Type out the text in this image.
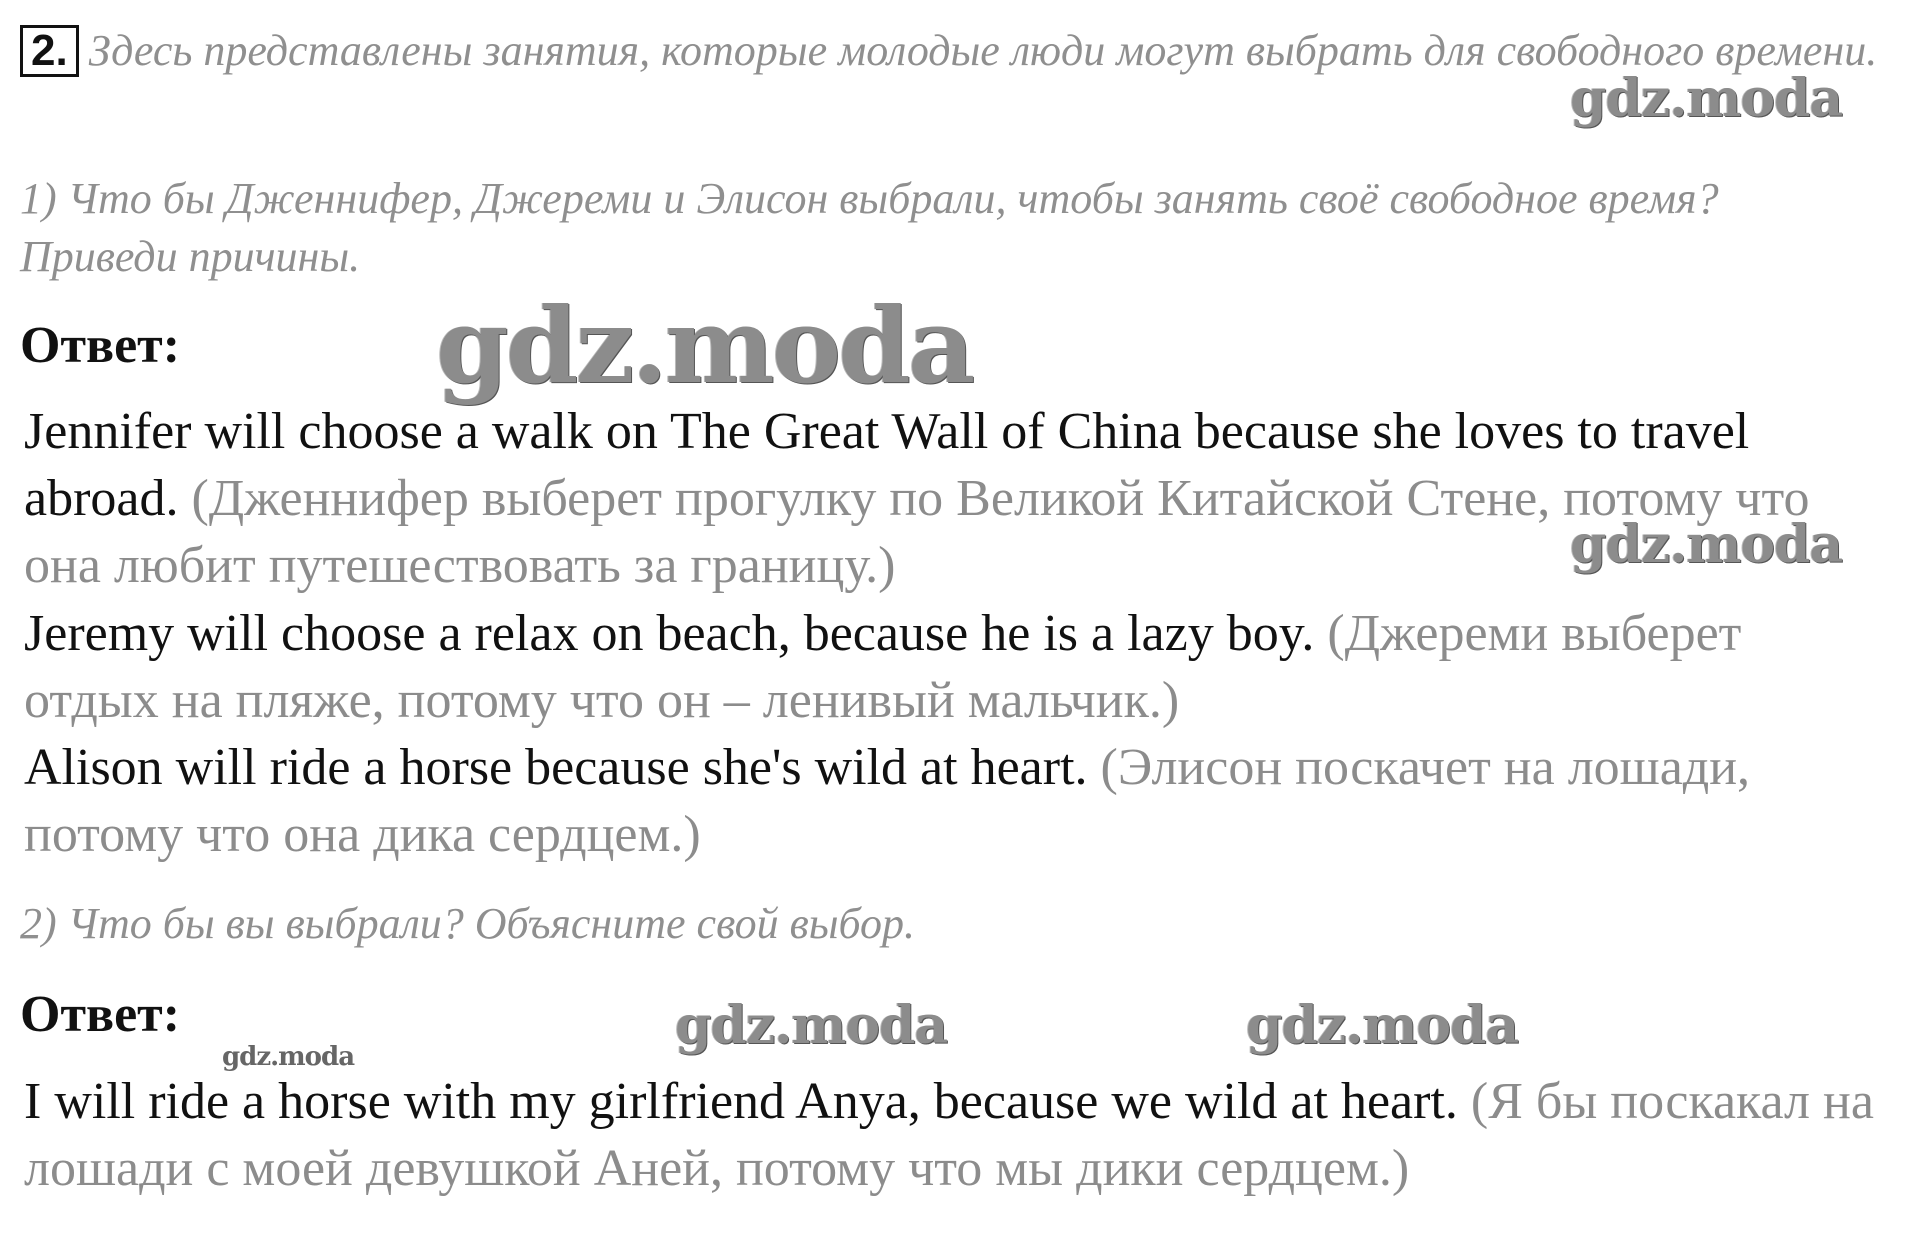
2. Здесь представлены занятия, которые молодые люди могут выбрать для свободного времени.

1) Что бы Дженнифер, Джереми и Элисон выбрали, чтобы занять своё свободное время? Приведи причины.

Ответ:

Jennifer will choose a walk on The Great Wall of China because she loves to travel abroad. (Дженнифер выберет прогулку по Великой Китайской Стене, потому что она любит путешествовать за границу.)
Jeremy will choose a relax on beach, because he is a lazy boy. (Джереми выберет отдых на пляже, потому что он – ленивый мальчик.)
Alison will ride a horse because she's wild at heart. (Элисон поскачет на лошади, потому что она дика сердцем.)

2) Что бы вы выбрали? Объясните свой выбор.

Ответ:

I will ride a horse with my girlfriend Anya, because we wild at heart. (Я бы поскакал на лошади с моей девушкой Аней, потому что мы дики сердцем.)
gdz.moda
gdz.moda
gdz.moda
gdz.moda	gdz.moda
gdz.moda
